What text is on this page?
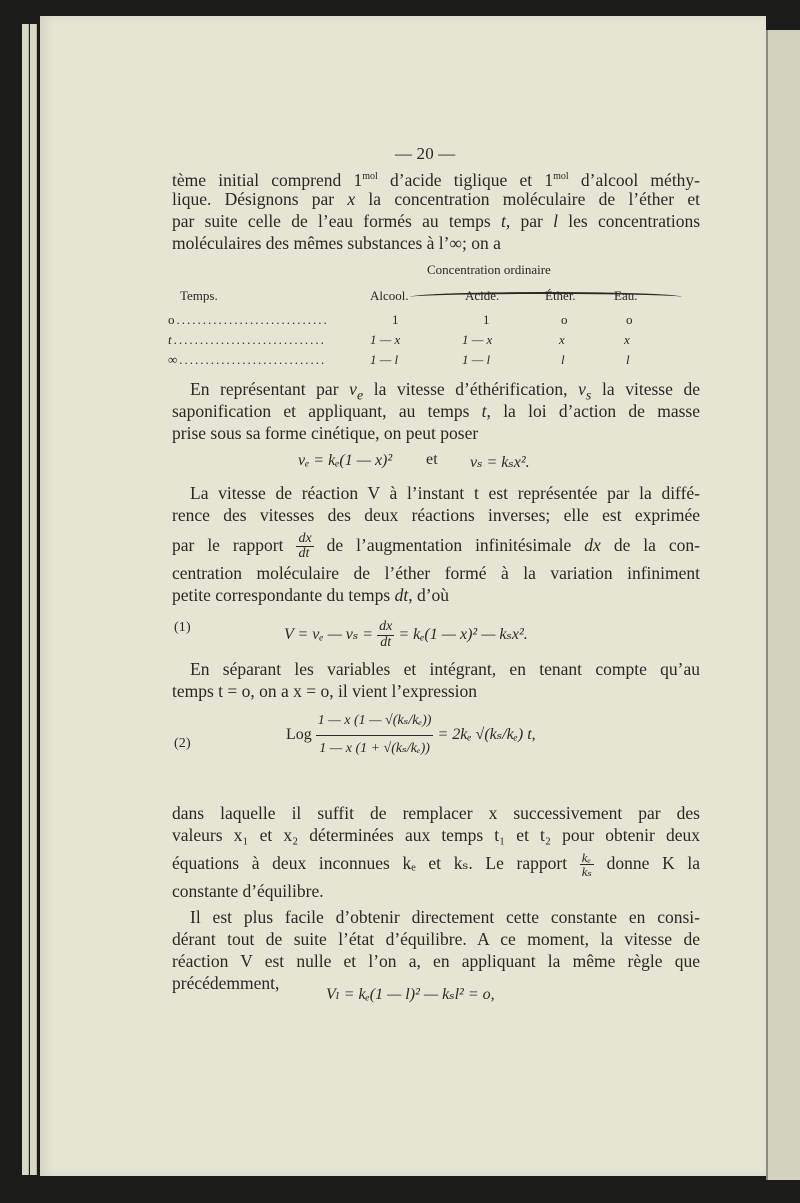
— 20 —
tème initial comprend $1^{mol}$ d’acide tiglique et $1^{mol}$ d’alcool méthy-
lique. Désignons par x la concentration moléculaire de l’éther et
par suite celle de l’eau formés au temps t, par l les concentrations
moléculaires des mêmes substances à l’∞; on a
Concentration ordinaire
Temps.	Alcool.	Acide.	Éther.	Eau.
o.............................	1	1	o	o
t.............................	1 — x	1 — x	x	x
∞............................	1 — l	1 — l	l	l
En représentant par $v_e$ la vitesse d’éthérification, $v_s$ la vitesse de
saponification et appliquant, au temps t, la loi d’action de masse
prise sous sa forme cinétique, on peut poser
vₑ = kₑ(1 — x)² et vₛ = kₛx².
La vitesse de réaction V à l’instant t est représentée par la diffé-
rence des vitesses des deux réactions inverses; elle est exprimée
par le rapport $\frac{dx}{dt}$ de l’augmentation infinitésimale dx de la con-
centration moléculaire de l’éther formé à la variation infiniment
petite correspondante du temps dt, d’où
(1)	V = vₑ — $v_s = \frac{dx}{dt} = k_e(1$ — x)² — kₛx².
En séparant les variables et intégrant, en tenant compte qu’au
temps t = o, on a x = o, il vient l’expression
(2)
Log $\frac{\text{1 — x (1 — √(kₛ/kₑ))}}{\text{1 — x (1 + √(kₛ/kₑ))}} = 2k_e$ √(kₛ/kₑ) t,
dans laquelle il suffit de remplacer x successivement par des
valeurs x₁ et x₂ déterminées aux temps t₁ et t₂ pour obtenir deux
équations à deux inconnues kₑ et kₛ. Le rapport $\frac{\text{kₑ}}{\text{kₛ}}$ donne K la
constante d’équilibre.
Il est plus facile d’obtenir directement cette constante en consi-
dérant tout de suite l’état d’équilibre. A ce moment, la vitesse de
réaction V est nulle et l’on a, en appliquant la même règle que
précédemment,
Vₗ = kₑ(1 — l)² — kₛl² = o,
